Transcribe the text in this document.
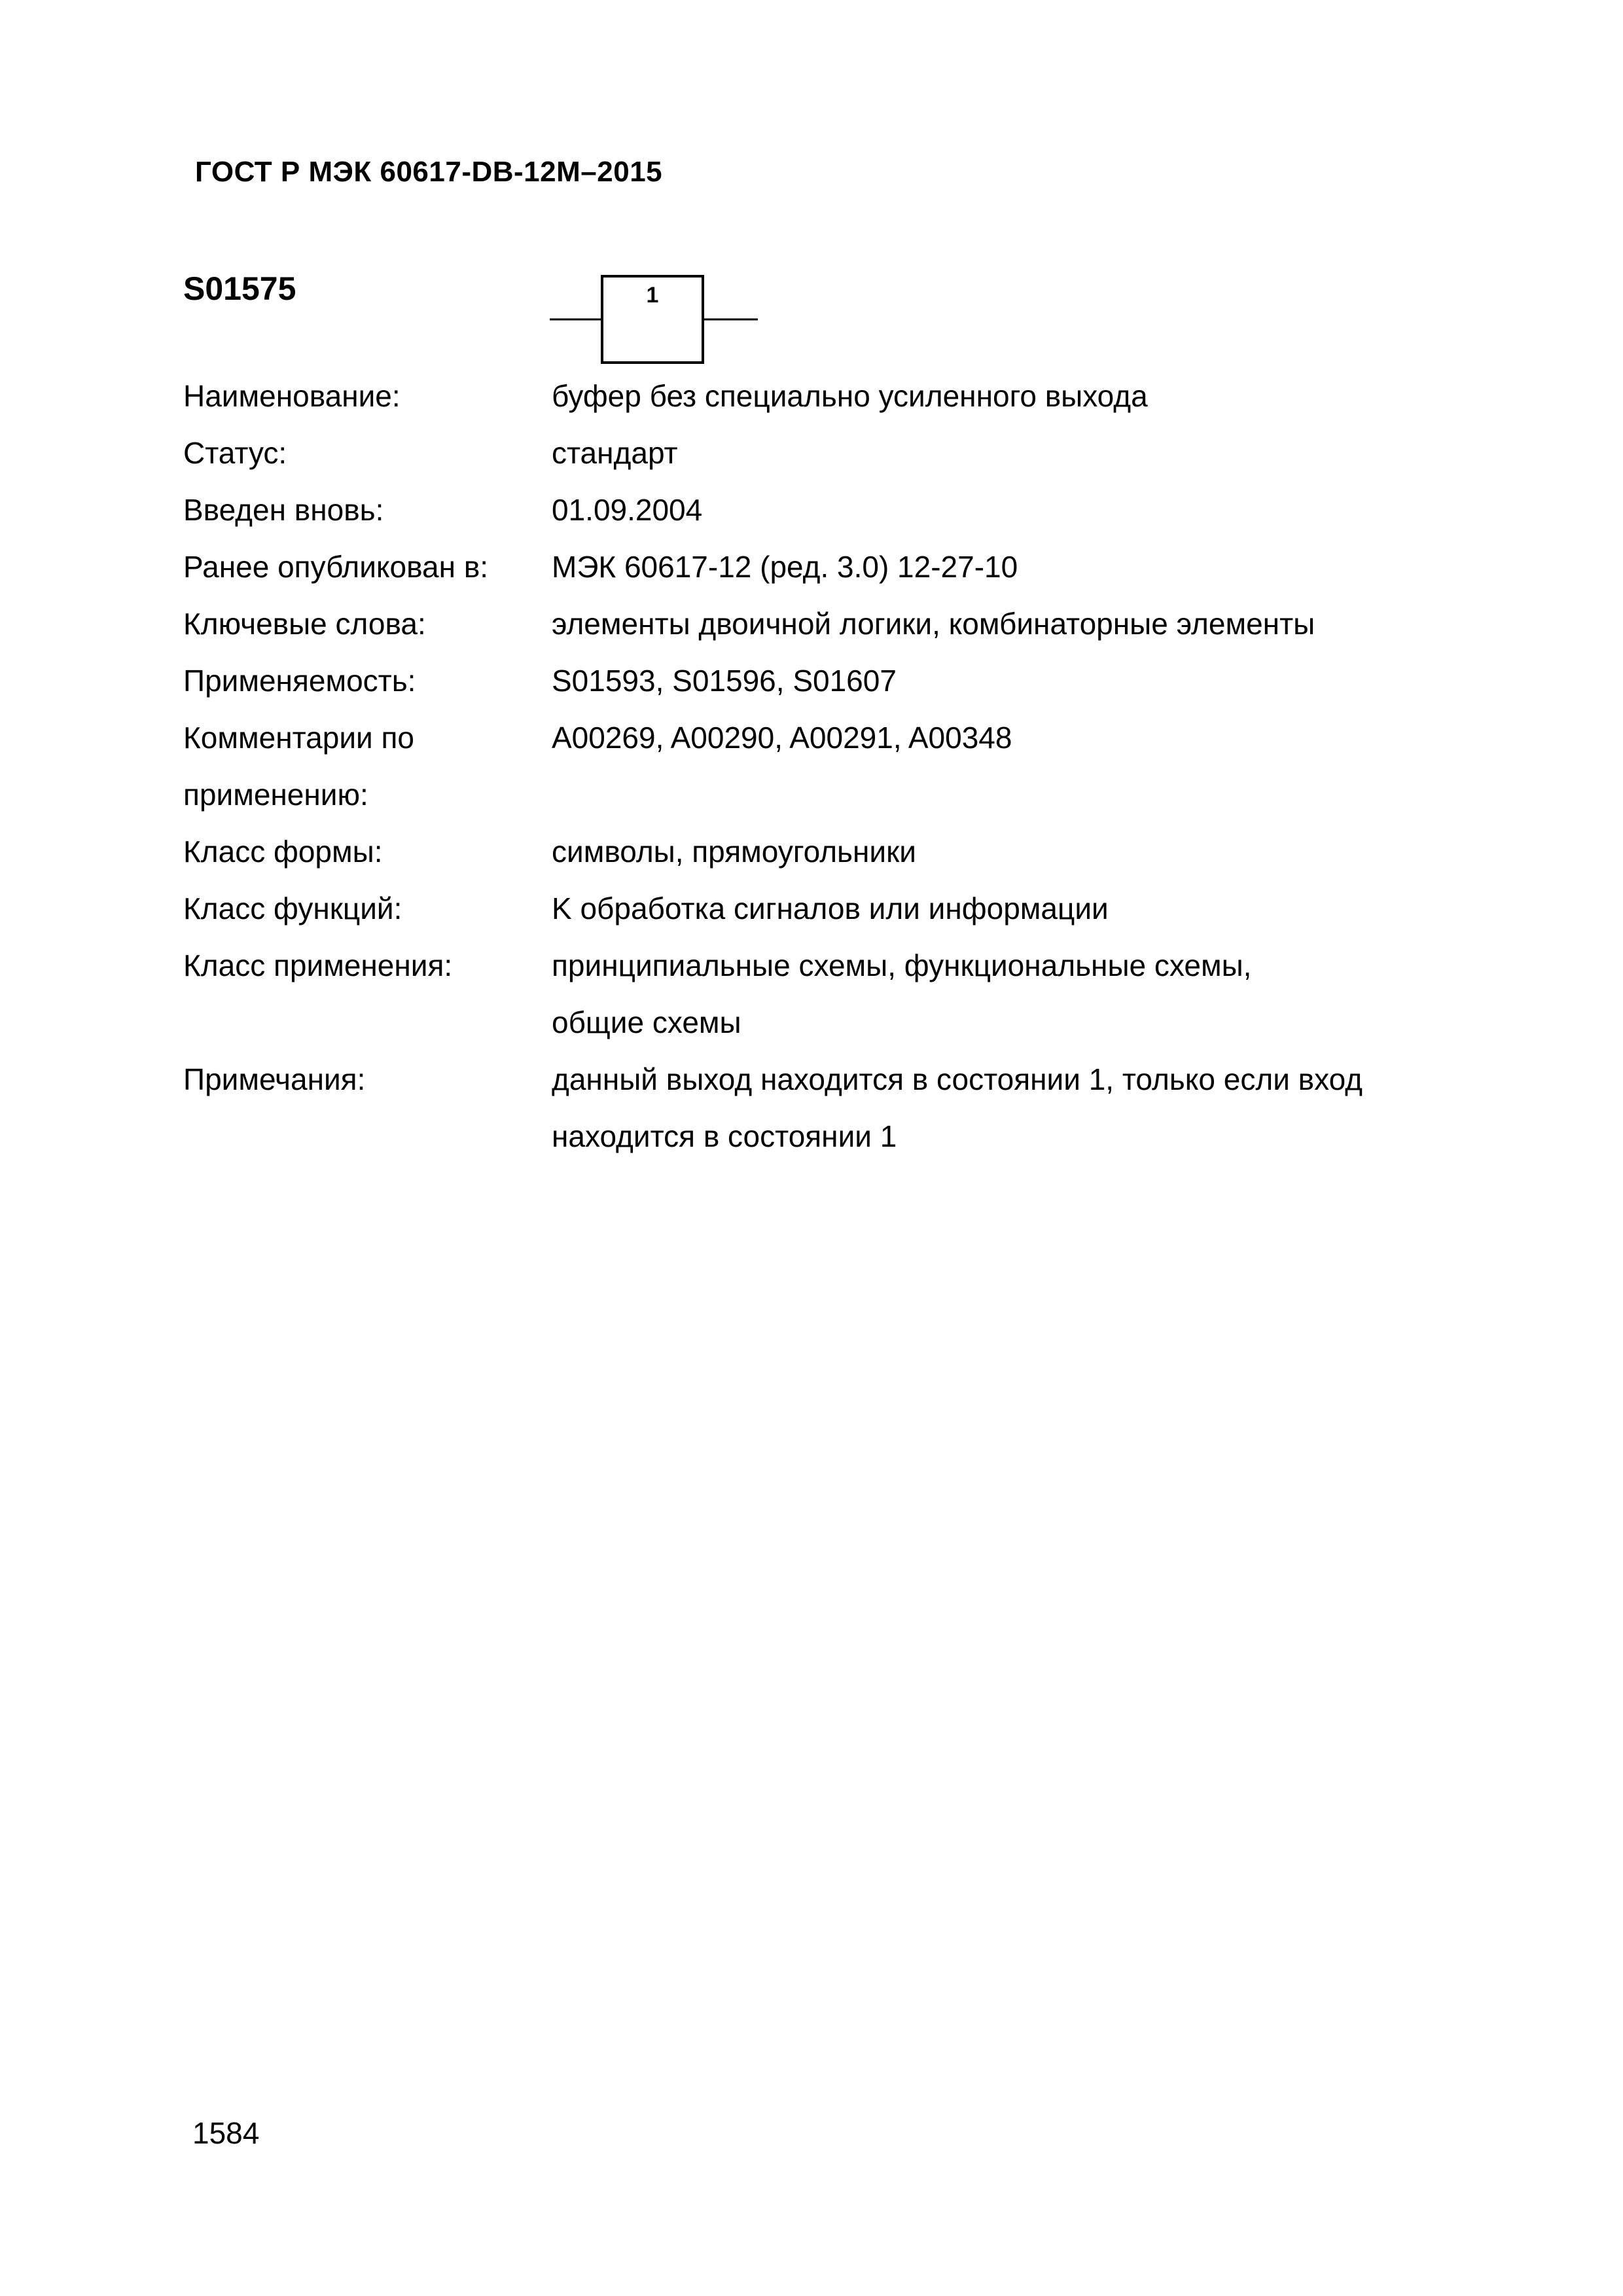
ГОСТ Р МЭК 60617-DB-12М–2015
S01575	1
Наименование:	буфер без специально усиленного выхода
Статус:	стандарт
Введен вновь:	01.09.2004
Ранее опубликован в:	МЭК 60617-12 (ред. 3.0) 12-27-10
Ключевые слова:	элементы двоичной логики, комбинаторные элементы
Применяемость:	S01593, S01596, S01607
Комментарии по применению:
A00269, A00290, A00291, A00348
Класс формы:	символы, прямоугольники
Класс функций:	K обработка сигналов или информации
Класс применения:	принципиальные схемы, функциональные схемы, общие схемы
Примечания:	данный выход находится в состоянии 1, только если вход находится в состоянии 1
1584
